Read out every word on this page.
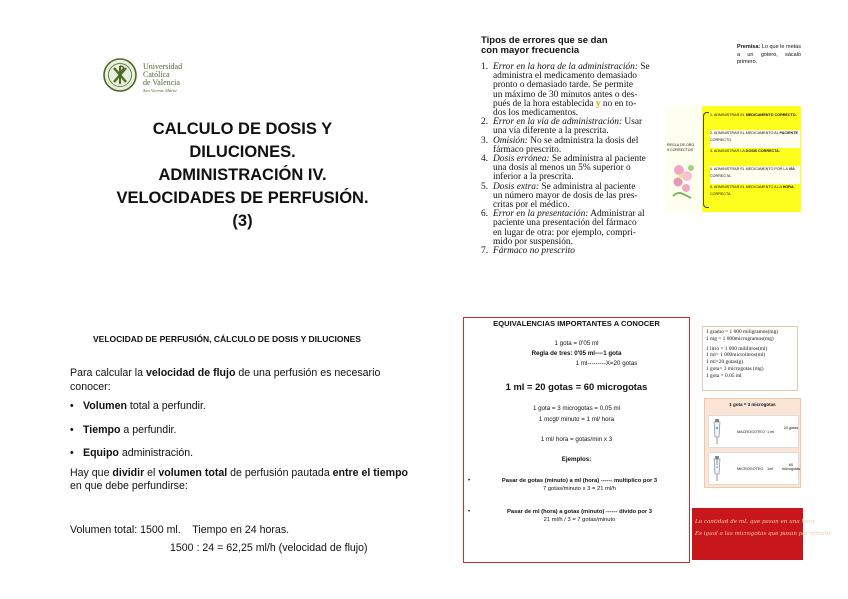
Universidad
Católica
de Valencia
San Vicente Mártir
CALCULO DE DOSIS Y
DILUCIONES.
ADMINISTRACIÓN IV.
VELOCIDADES DE PERFUSIÓN.
(3)
Tipos de errores que se dan
con mayor frecuencia
1. Error en la hora de la administración: Se
administra el medicamento demasiado
pronto o demasiado tarde. Se permite
un máximo de 30 minutos antes o des-
pués de la hora establecida y no en to-
dos los medicamentos.
2. Error en la vía de administración: Usar
una vía diferente a la prescrita.
3. Omisión: No se administra la dosis del
fármaco prescrito.
4. Dosis errónea: Se administra al paciente
una dosis al menos un 5% superior o
inferior a la prescrita.
5. Dosis extra: Se administra al paciente
un número mayor de dosis de las pres-
critas por el médico.
6. Error en la presentación: Administrar al
paciente una presentación del fármaco
en lugar de otra: por ejemplo, compri-
mido por suspensión.
7. Fármaco no prescrito
Premisa: Lo que le metas a un gotero, sácalo primero.
REGLA DE ORO 5 CORRECTOS
1. ADMINISTRAR EL MEDICAMENTO CORRECTO.
2. ADMINISTRAR EL MEDICAMENTO AL PACIENTE CORRECTO.
3. ADMINISTRAR LA DOSIS CORRECTA.
4. ADMINISTRAR EL MEDICAMENTO POR LA VÍA CORRECTA.
5. ADMINISTRAR EL MEDICAMENTO A LA HORA CORRECTA.
VELOCIDAD DE PERFUSIÓN, CÁLCULO DE DOSIS Y DILUCIONES

Para calcular la velocidad de flujo de una perfusión es necesario conocer:

• Volumen total a perfundir.
• Tiempo a perfundir.
• Equipo administración.

Hay que dividir el volumen total de perfusión pautada entre el tiempo en que debe perfundirse:

Volumen total: 1500 ml.    Tiempo en 24 horas.
1500 : 24 = 62,25 ml/h (velocidad de flujo)
EQUIVALENCIAS IMPORTANTES A CONOCER
1 gota = 0'05 ml
Regla de tres: 0'05 ml----1 gota
1 ml---------X=20 gotas
1 ml = 20 gotas = 60 microgotas
1 gota = 3 microgotas = 0,05 ml
1 mcgt/ minuto = 1 ml/ hora
1 ml/ hora = gotas/min x 3
Ejemplos:
•	Pasar de gotas (minuto) a ml (hora) ------ multiplico por 3
7 gotas/minuto x 3 = 21 ml/h
•	Pasar de ml (hora) a gotas (minuto) ------ divido por 3
21 ml/h / 3 = 7 gotas/minuto
1 gramo = 1 000 miligramos(mg)
1 mg = 1 000microgramos(mg)
1 litro = 1 000 mililitros(ml)
1 ml= 1 000microlitros(ml)
1 ml=20 gotas(g)
1 gota= 3 microgotas (mg)
1 gota = 0.05 ml
1 gota = 3 microgotas
MACROGOTEO 1 ml
20 gotas
MICROGOTEO 1ml
60 microgotas
La cantidad de mL que pasan en una hora,
Es igual a las microgotas que pasan por minuto
